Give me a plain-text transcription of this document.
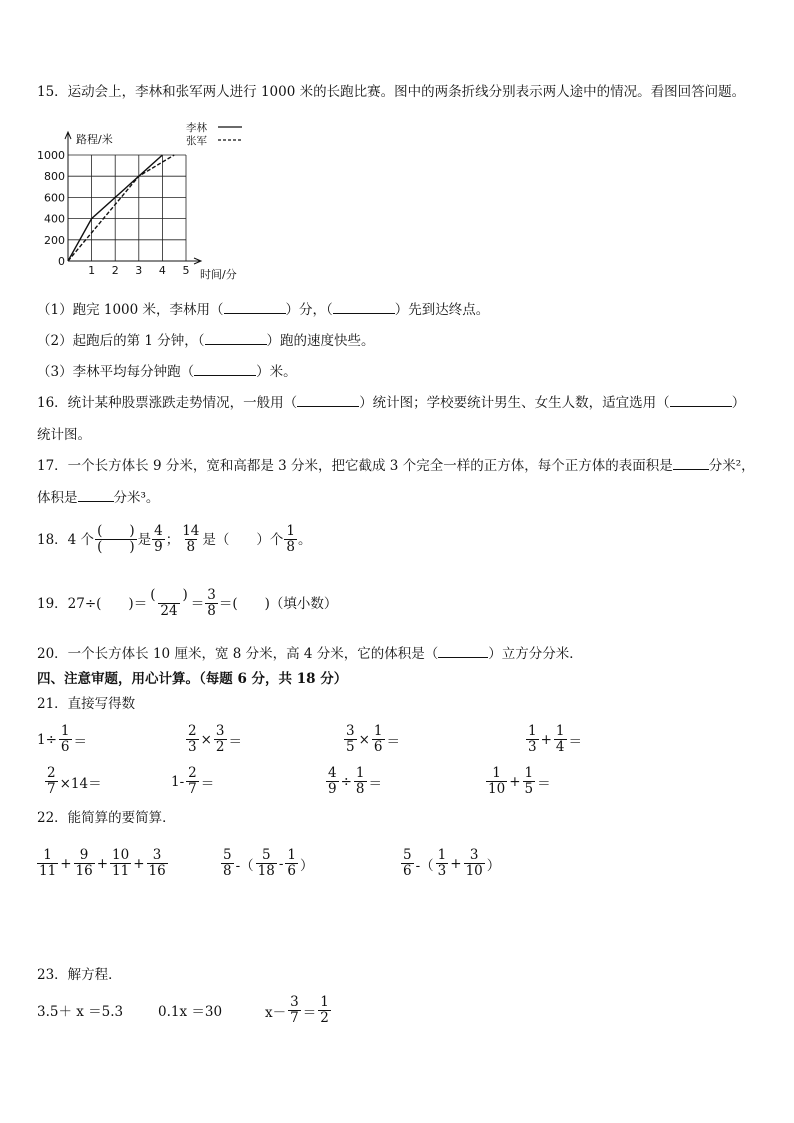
15．运动会上，李林和张军两人进行 1000 米的长跑比赛。图中的两条折线分别表示两人途中的情况。看图回答问题。
1 2 3 4 5
200
400
600
800
1000
0
路程/米
时间/分
李林
张军
（1）跑完 1000 米，李林用（	）分，（	）先到达终点。
（2）起跑后的第 1 分钟，（	）跑的速度快些。
（3）李林平均每分钟跑（	）米。
16．统计某种股票涨跌走势情况，一般用（	）统计图；学校要统计男生、女生人数，适宜选用（	）
统计图。
17．一个长方体长 9 分米，宽和高都是 3 分米，把它截成 3 个完全一样的正方体，每个正方体的表面积是	分米²，
体积是	分米³。
18．4 个 $\frac{( )}{( )}$ 是 $\frac{4}{9}$ ； $\frac{14}{8}$ 是（　　）个 $\frac{1}{8}$ 。
19．27÷(　　)＝ $\frac{( )}{24} = \frac{3}{8}$ ＝(　　)（填小数）
20．一个长方体长 10 厘米，宽 8 分米，高 4 分米，它的体积是（	）立方分分米．
四、注意审题，用心计算。（每题 6 分，共 18 分）
21．直接写得数
$1\div \frac{1}{6}$ ＝	$\frac{2}{3} \times \frac{3}{2}$ ＝	$\frac{3}{5} \times \frac{1}{6}$ ＝	$\frac{1}{3} + \frac{1}{4}$ ＝
$\frac{2}{7} \times 14=$	$1- \frac{2}{7}$ ＝	$\frac{4}{9} \div \frac{1}{8}$ ＝	$\frac{1}{10} + \frac{1}{5}$ ＝
22．能简算的要简算．
$\frac{1}{11} + \frac{9}{16} + \frac{10}{11} + \frac{3}{16}$	$\frac{5}{8}$ -（ $\frac{5}{18} - \frac{1}{6}$ ）	$\frac{5}{6}$ -（ $\frac{1}{3} + \frac{3}{10}$ ）
23．解方程．
3.5＋ x ＝5.3	0.1x ＝30	$x- \frac{3}{7} = \frac{1}{2}$
